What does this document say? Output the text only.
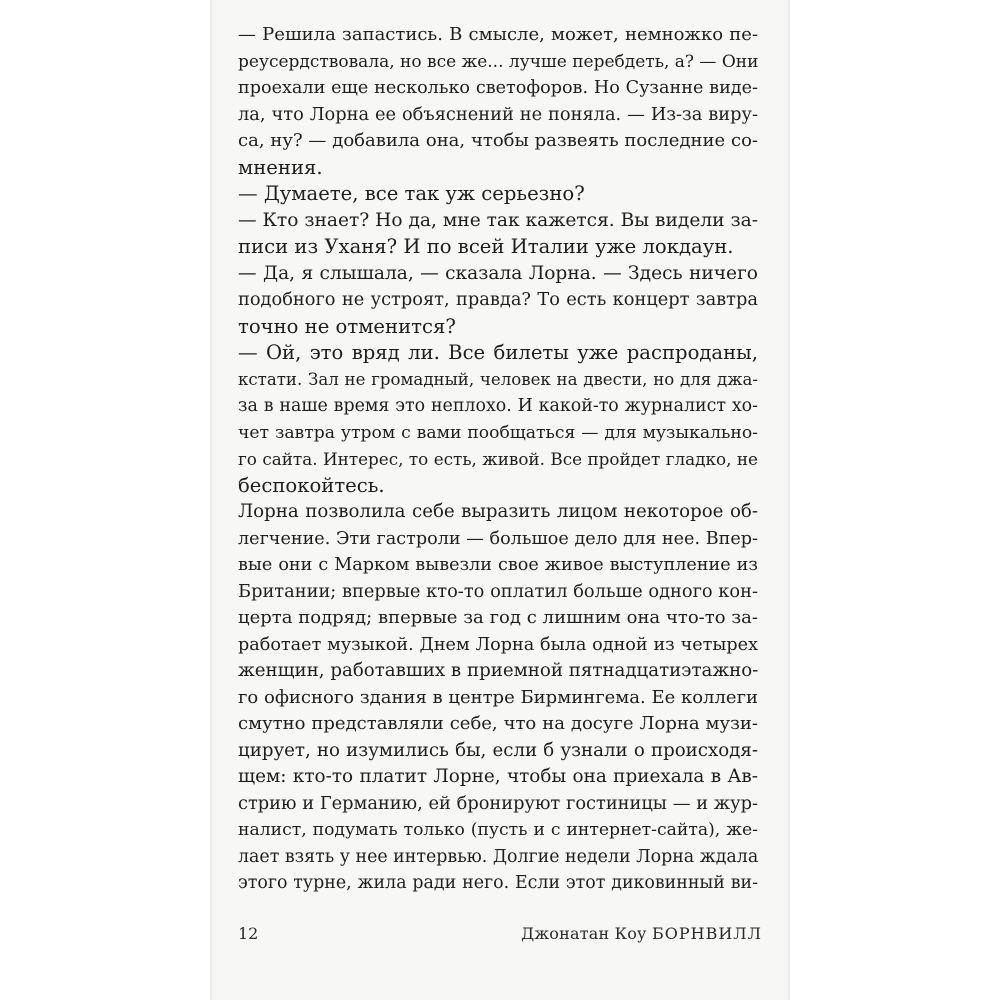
— Решила запастись. В смысле, может, немножко пе-
реусердствовала, но все же... лучше перебдеть, а? — Они
проехали еще несколько светофоров. Но Сузанне виде-
ла, что Лорна ее объяснений не поняла. — Из-за виру-
са, ну? — добавила она, чтобы развеять последние со-
мнения.
— Думаете, все так уж серьезно?
— Кто знает? Но да, мне так кажется. Вы видели за-
писи из Уханя? И по всей Италии уже локдаун.
— Да, я слышала, — сказала Лорна. — Здесь ничего
подобного не устроят, правда? То есть концерт завтра
точно не отменится?
— Ой, это вряд ли. Все билеты уже распроданы,
кстати. Зал не громадный, человек на двести, но для джа-
за в наше время это неплохо. И какой-то журналист хо-
чет завтра утром с вами пообщаться — для музыкально-
го сайта. Интерес, то есть, живой. Все пройдет гладко, не
беспокойтесь.
Лорна позволила себе выразить лицом некоторое об-
легчение. Эти гастроли — большое дело для нее. Впер-
вые они с Марком вывезли свое живое выступление из
Британии; впервые кто-то оплатил больше одного кон-
церта подряд; впервые за год с лишним она что-то за-
работает музыкой. Днем Лорна была одной из четырех
женщин, работавших в приемной пятнадцатиэтажно-
го офисного здания в центре Бирмингема. Ее коллеги
смутно представляли себе, что на досуге Лорна музи-
цирует, но изумились бы, если б узнали о происходя-
щем: кто-то платит Лорне, чтобы она приехала в Ав-
стрию и Германию, ей бронируют гостиницы — и жур-
налист, подумать только (пусть и с интернет-сайта), же-
лает взять у нее интервью. Долгие недели Лорна ждала
этого турне, жила ради него. Если этот диковинный ви-
12	Джонатан Коу БОРНВИЛЛ
